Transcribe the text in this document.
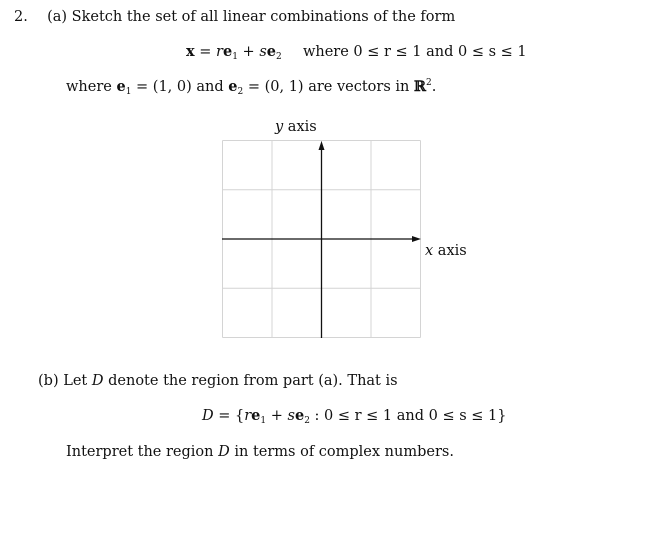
2. (a) Sketch the set of all linear combinations of the form
$x = re_1 + se_2$ where 0 ≤ r ≤ 1 and 0 ≤ s ≤ 1
where $e_1 = (1$, 0) and $e_2 = (0$, 1) are vectors in ℝ$^2$.
y axis
x axis
(b) Let D denote the region from part (a). That is
$D = \{re_1 + se_2$ : 0 ≤ r ≤ 1 and 0 ≤ s ≤ 1}
Interpret the region D in terms of complex numbers.
